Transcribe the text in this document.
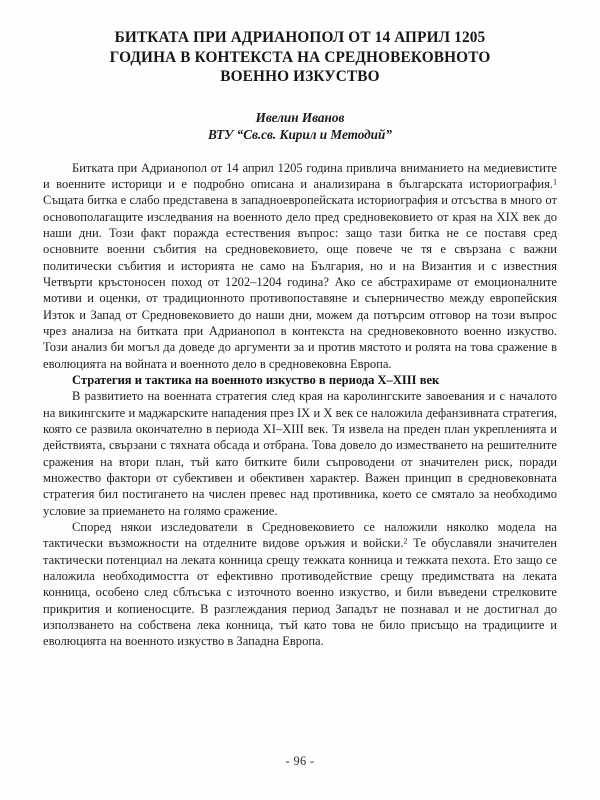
БИТКАТА ПРИ АДРИАНОПОЛ ОТ 14 АПРИЛ 1205
ГОДИНА В КОНТЕКСТА НА СРЕДНОВЕКОВНОТО
ВОЕННО ИЗКУСТВО
Ивелин Иванов
ВТУ “Св.св. Кирил и Методий”

Битката при Адрианопол от 14 април 1205 година привлича вниманието на медиевистите и военните историци и е подробно описана и анализирана в българската историография.$^1$ Същата битка е слабо представена в западноевропейската историография и отсъства в много от основополагащите изследвания на военното дело пред средновековието от края на XIX век до наши дни. Този факт поражда естествения въпрос: защо тази битка не се поставя сред основните военни събития на средновековието, още повече че тя е свързана с важни политически събития и историята не само на България, но и на Византия и с известния Четвърти кръстоносен поход от 1202–1204 година? Ако се абстрахираме от емоционалните мотиви и оценки, от традиционното противопоставяне и съперничество между европейския Изток и Запад от Средновековието до наши дни, можем да потърсим отговор на този въпрос чрез анализа на битката при Адрианопол в контекста на средновековното военно изкуство. Този анализ би могъл да доведе до аргументи за и против мястото и ролята на това сражение в еволюцията на войната и военното дело в средновековна Европа.

Стратегия и тактика на военното изкуство в периода X–XIII век

В развитието на военната стратегия след края на каролингските завоевания и с началото на викингските и маджарските нападения през IX и X век се наложила дефанзивната стратегия, която се развила окончателно в периода XI–XIII век. Тя извела на преден план укрепленията и действията, свързани с тяхната обсада и отбрана. Това довело до изместването на решителните сражения на втори план, тъй като битките били съпроводени от значителен риск, поради множество фактори от субективен и обективен характер. Важен принцип в средновековната стратегия бил постигането на числен превес над противника, което се смятало за необходимо условие за приемането на голямо сражение.

Според някои изследователи в Средновековието се наложили няколко модела на тактически възможности на отделните видове оръжия и войски.$^2$ Те обуславяли значителен тактически потенциал на леката конница срещу тежката конница и тежката пехота. Ето защо се наложила необходимостта от ефективно противодействие срещу предимствата на леката конница, особено след сблъсъка с източното военно изкуство, и били въведени стрелковите прикрития и копиеносците. В разглеждания период Западът не познавал и не достигнал до използването на собствена лека конница, тъй като това не било присъщо на традициите и еволюцията на военното изкуство в Западна Европа.

- 96 -
